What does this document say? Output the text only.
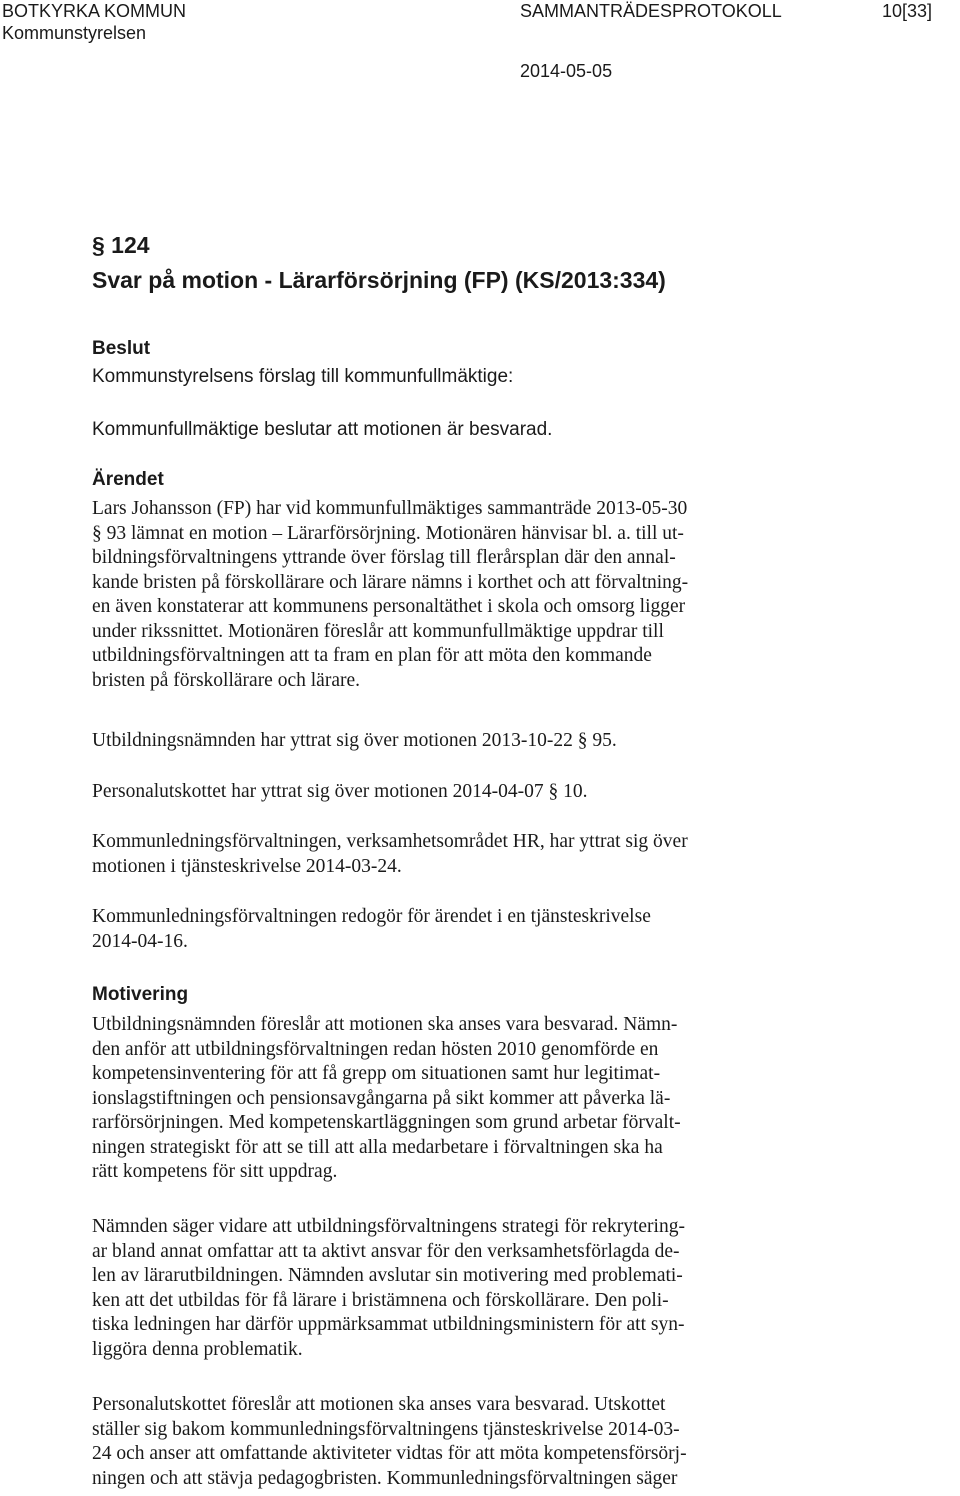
BOTKYRKA KOMMUN
Kommunstyrelsen
SAMMANTRÄDESPROTOKOLL	10[33]
2014-05-05
§ 124
Svar på motion - Lärarförsörjning (FP) (KS/2013:334)
Beslut
Kommunstyrelsens förslag till kommunfullmäktige:
Kommunfullmäktige beslutar att motionen är besvarad.
Ärendet
Lars Johansson (FP) har vid kommunfullmäktiges sammanträde 2013-05-30
§ 93 lämnat en motion – Lärarförsörjning. Motionären hänvisar bl. a. till ut-
bildningsförvaltningens yttrande över förslag till flerårsplan där den annal-
kande bristen på förskollärare och lärare nämns i korthet och att förvaltning-
en även konstaterar att kommunens personaltäthet i skola och omsorg ligger
under rikssnittet. Motionären föreslår att kommunfullmäktige uppdrar till
utbildningsförvaltningen att ta fram en plan för att möta den kommande
bristen på förskollärare och lärare.
Utbildningsnämnden har yttrat sig över motionen 2013-10-22 § 95.
Personalutskottet har yttrat sig över motionen 2014-04-07 § 10.
Kommunledningsförvaltningen, verksamhetsområdet HR, har yttrat sig över
motionen i tjänsteskrivelse 2014-03-24.
Kommunledningsförvaltningen redogör för ärendet i en tjänsteskrivelse
2014-04-16.
Motivering
Utbildningsnämnden föreslår att motionen ska anses vara besvarad. Nämn-
den anför att utbildningsförvaltningen redan hösten 2010 genomförde en
kompetensinventering för att få grepp om situationen samt hur legitimat-
ionslagstiftningen och pensionsavgångarna på sikt kommer att påverka lä-
rarförsörjningen. Med kompetenskartläggningen som grund arbetar förvalt-
ningen strategiskt för att se till att alla medarbetare i förvaltningen ska ha
rätt kompetens för sitt uppdrag.
Nämnden säger vidare att utbildningsförvaltningens strategi för rekrytering-
ar bland annat omfattar att ta aktivt ansvar för den verksamhetsförlagda de-
len av lärarutbildningen. Nämnden avslutar sin motivering med problemati-
ken att det utbildas för få lärare i bristämnena och förskollärare. Den poli-
tiska ledningen har därför uppmärksammat utbildningsministern för att syn-
liggöra denna problematik.
Personalutskottet föreslår att motionen ska anses vara besvarad. Utskottet
ställer sig bakom kommunledningsförvaltningens tjänsteskrivelse 2014-03-
24 och anser att omfattande aktiviteter vidtas för att möta kompetensförsörj-
ningen och att stävja pedagogbristen. Kommunledningsförvaltningen säger
